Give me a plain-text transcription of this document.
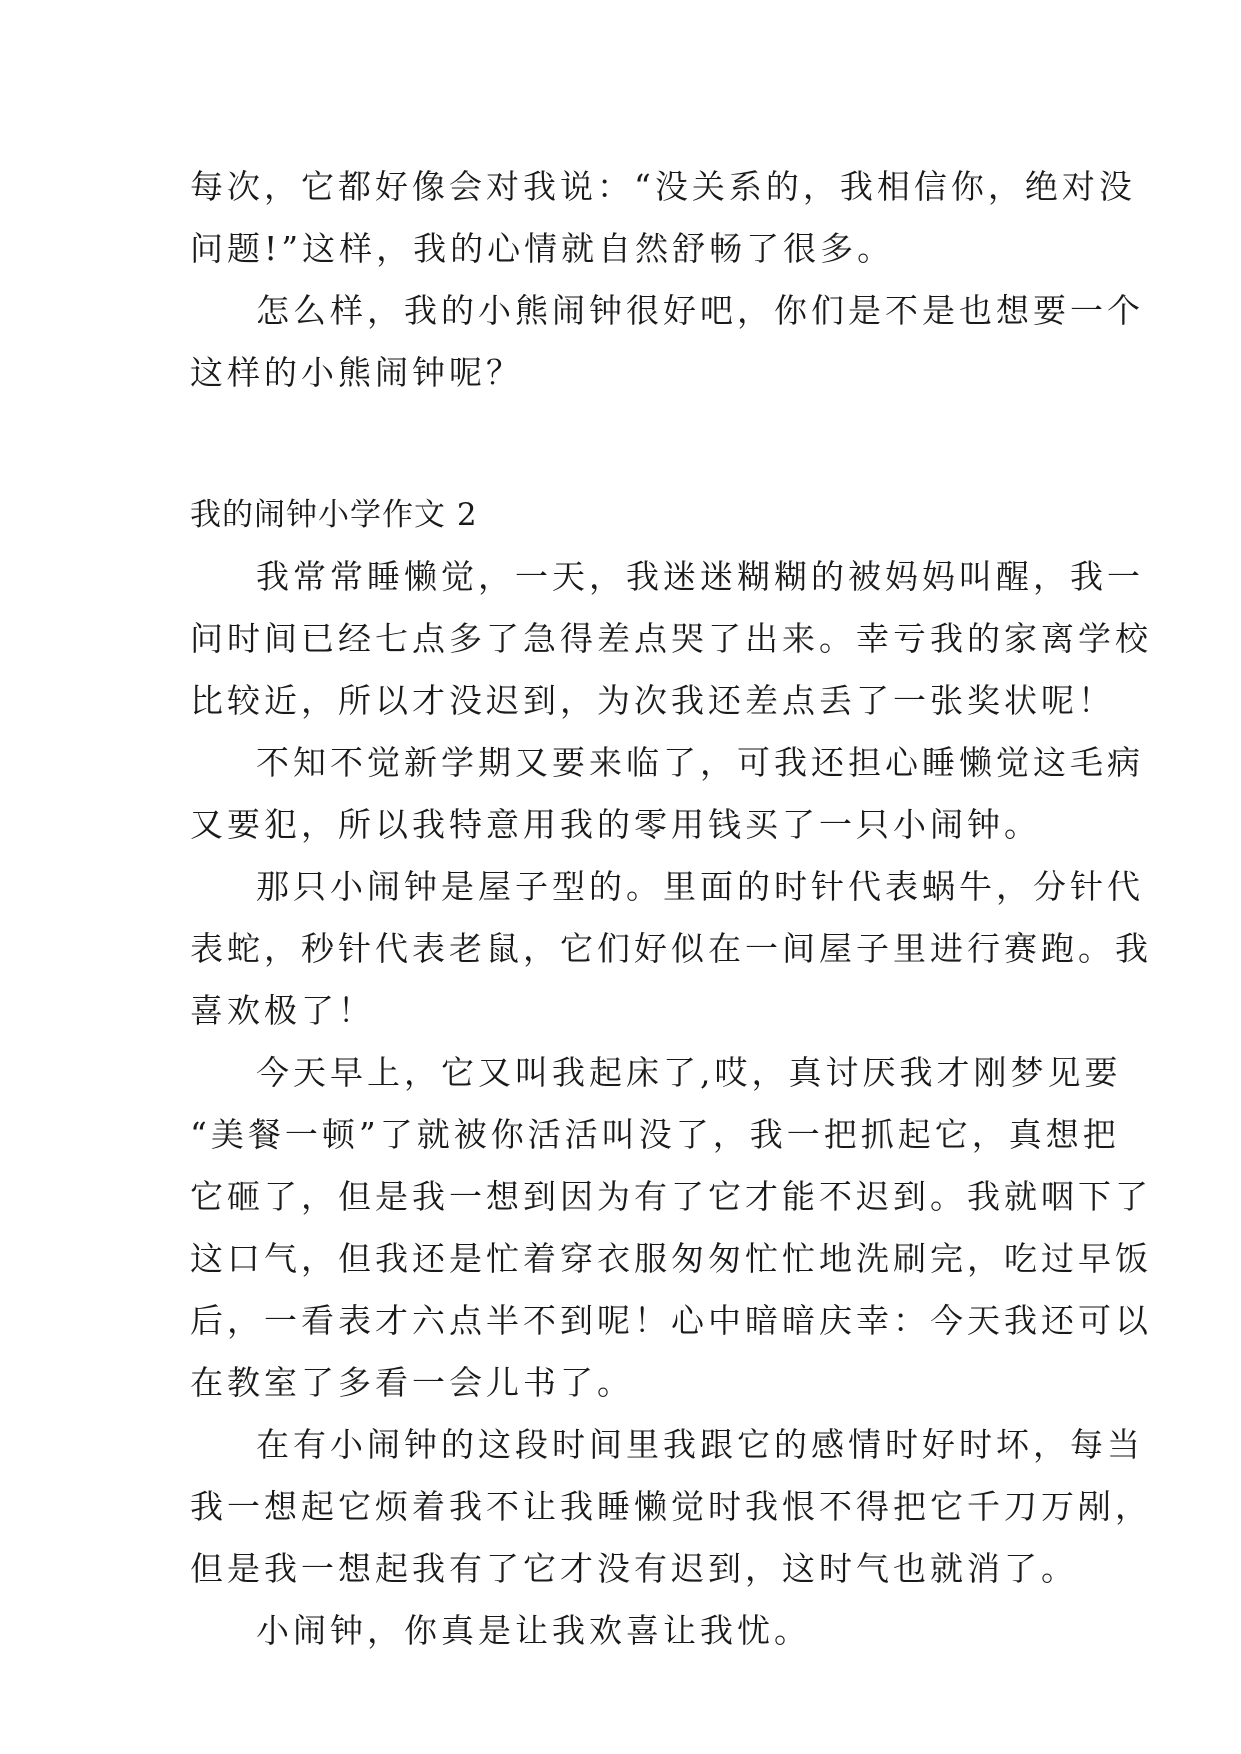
每次，它都好像会对我说：“没关系的，我相信你，绝对没
问题!”这样，我的心情就自然舒畅了很多。
怎么样，我的小熊闹钟很好吧，你们是不是也想要一个
这样的小熊闹钟呢？
我的闹钟小学作文 2
我常常睡懒觉，一天，我迷迷糊糊的被妈妈叫醒，我一
问时间已经七点多了急得差点哭了出来。幸亏我的家离学校
比较近，所以才没迟到，为次我还差点丢了一张奖状呢！
不知不觉新学期又要来临了，可我还担心睡懒觉这毛病
又要犯，所以我特意用我的零用钱买了一只小闹钟。
那只小闹钟是屋子型的。里面的时针代表蜗牛，分针代
表蛇，秒针代表老鼠，它们好似在一间屋子里进行赛跑。我
喜欢极了！
今天早上，它又叫我起床了,哎，真讨厌我才刚梦见要
“美餐一顿”了就被你活活叫没了，我一把抓起它，真想把
它砸了，但是我一想到因为有了它才能不迟到。我就咽下了
这口气，但我还是忙着穿衣服匆匆忙忙地洗刷完，吃过早饭
后，一看表才六点半不到呢！心中暗暗庆幸：今天我还可以
在教室了多看一会儿书了。
在有小闹钟的这段时间里我跟它的感情时好时坏，每当
我一想起它烦着我不让我睡懒觉时我恨不得把它千刀万剐，
但是我一想起我有了它才没有迟到，这时气也就消了。
小闹钟，你真是让我欢喜让我忧。
